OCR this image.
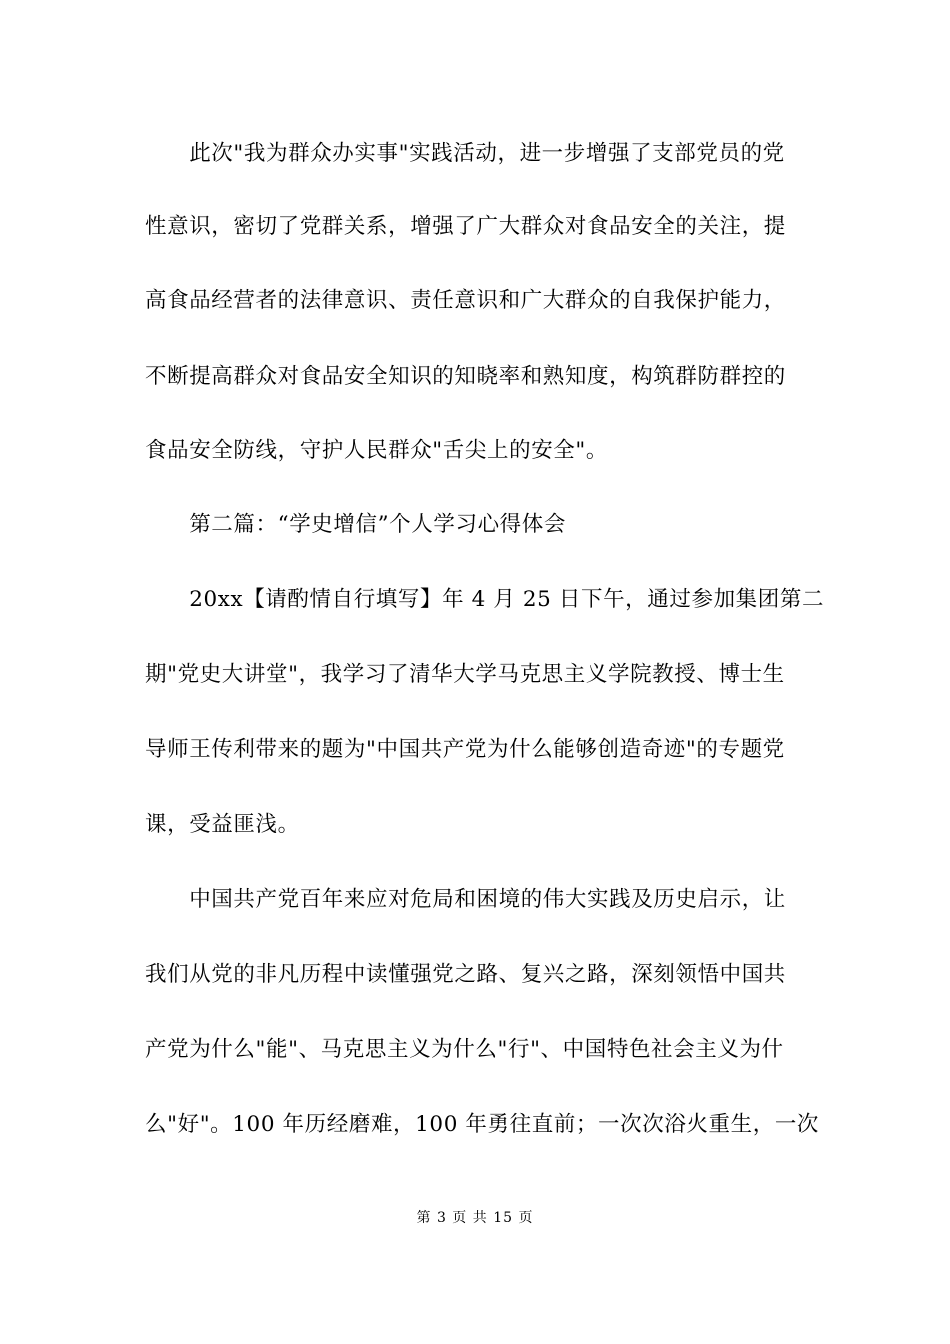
　　此次"我为群众办实事"实践活动，进一步增强了支部党员的党
性意识，密切了党群关系，增强了广大群众对食品安全的关注，提
高食品经营者的法律意识、责任意识和广大群众的自我保护能力，
不断提高群众对食品安全知识的知晓率和熟知度，构筑群防群控的
食品安全防线，守护人民群众"舌尖上的安全"。
　　第二篇：“学史增信”个人学习心得体会
　　20xx【请酌情自行填写】年 4 月 25 日下午，通过参加集团第二
期"党史大讲堂"，我学习了清华大学马克思主义学院教授、博士生
导师王传利带来的题为"中国共产党为什么能够创造奇迹"的专题党
课，受益匪浅。
　　中国共产党百年来应对危局和困境的伟大实践及历史启示，让
我们从党的非凡历程中读懂强党之路、复兴之路，深刻领悟中国共
产党为什么"能"、马克思主义为什么"行"、中国特色社会主义为什
么"好"。100 年历经磨难，100 年勇往直前；一次次浴火重生，一次
第 3 页 共 15 页
